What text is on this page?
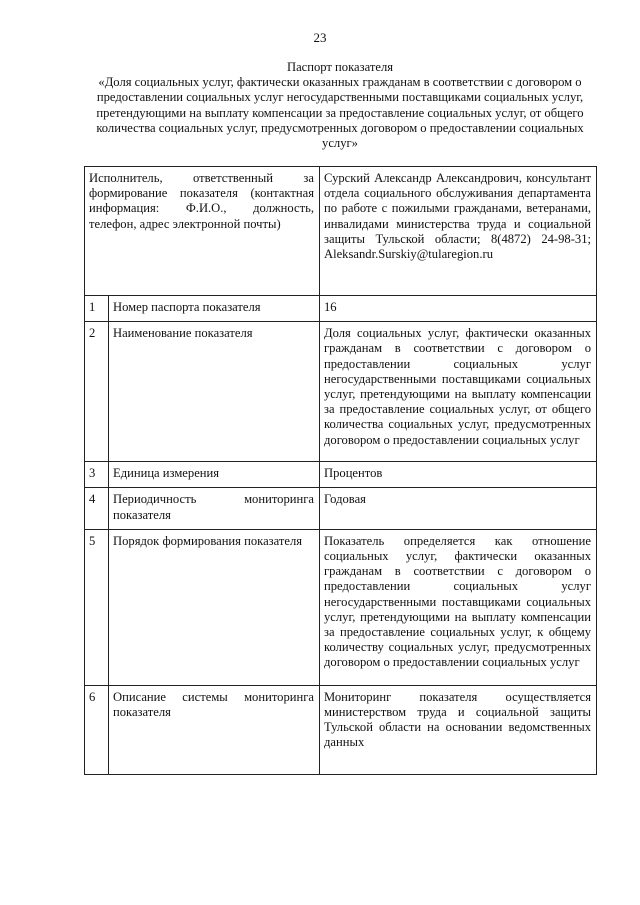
23
Паспорт показателя
«Доля социальных услуг, фактически оказанных гражданам в соответствии с договором о предоставлении социальных услуг негосударственными поставщиками социальных услуг, претендующими на выплату компенсации за предоставление социальных услуг, от общего количества социальных услуг, предусмотренных договором о предоставлении социальных услуг»
Исполнитель, ответственный за формирование показателя (контактная информация: Ф.И.О., должность, телефон, адрес электронной почты)		Сурский Александр Александрович, консультант отдела социального обслуживания департамента по работе с пожилыми гражданами, ветеранами, инвалидами министерства труда и социальной защиты Тульской области; 8(4872) 24-98-31; Aleksandr.Surskiy@tularegion.ru
1	Номер паспорта показателя	16
2	Наименование показателя	Доля социальных услуг, фактически оказанных гражданам в соответствии с договором о предоставлении социальных услуг негосударственными поставщиками социальных услуг, претендующими на выплату компенсации за предоставление социальных услуг, от общего количества социальных услуг, предусмотренных договором о предоставлении социальных услуг
3	Единица измерения	Процентов
4	Периодичность мониторинга показателя	Годовая
5	Порядок формирования показателя	Показатель определяется как отношение социальных услуг, фактически оказанных гражданам в соответствии с договором о предоставлении социальных услуг негосударственными поставщиками социальных услуг, претендующими на выплату компенсации за предоставление социальных услуг, к общему количеству социальных услуг, предусмотренных договором о предоставлении социальных услуг
6	Описание системы мониторинга показателя	Мониторинг показателя осуществляется министерством труда и социальной защиты Тульской области на основании ведомственных данных
